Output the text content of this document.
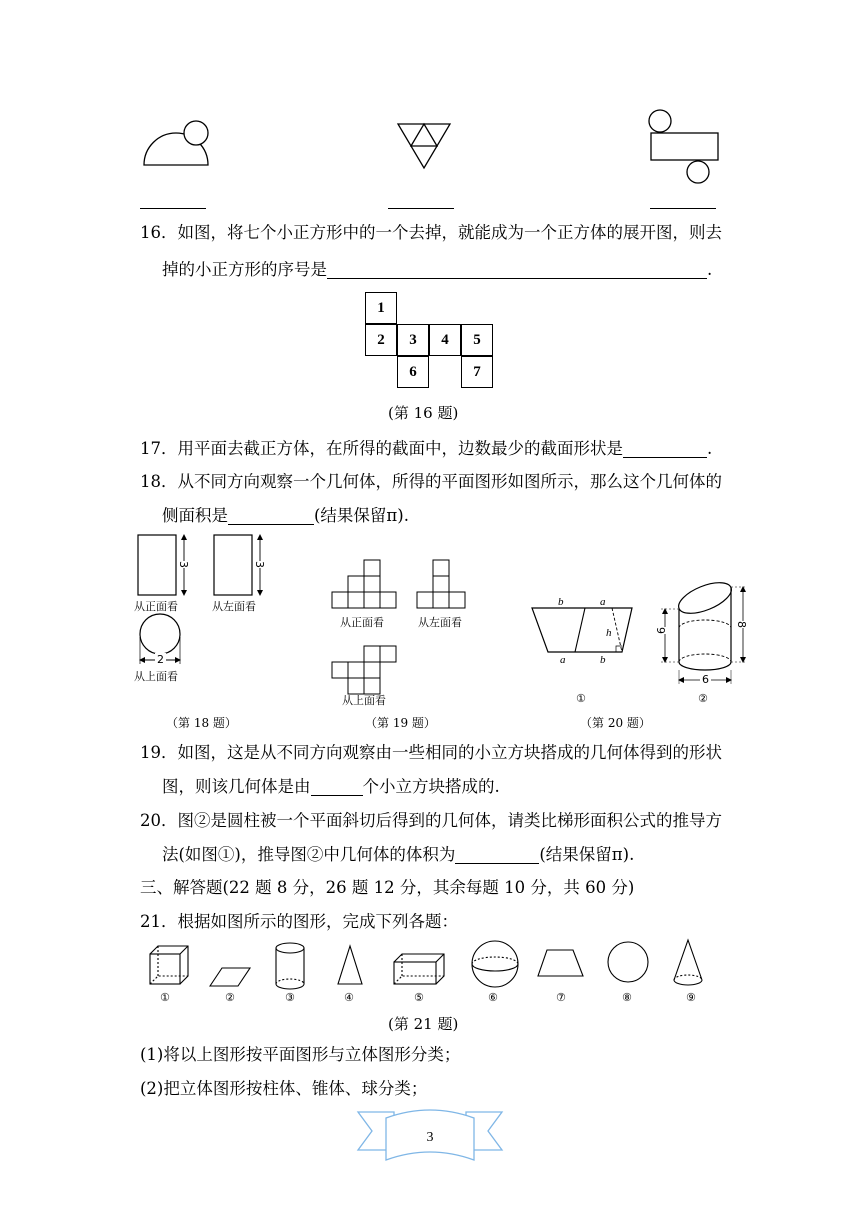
16．如图，将七个小正方形中的一个去掉，就能成为一个正方体的展开图，则去
掉的小正方形的序号是	.
1
2	3	4	5
6	7
(第 16 题)
17．用平面去截正方体，在所得的截面中，边数最少的截面形状是	.
18．从不同方向观察一个几何体，所得的平面图形如图所示，那么这个几何体的
侧面积是	(结果保留π).
3	3
2
从正面看	从左面看
从上面看
（第 18 题）
从正面看	从左面看
从上面看
（第 19 题）
b	a
h
a	b
①
6
8
6
②
（第 20 题）
19．如图，这是从不同方向观察由一些相同的小立方块搭成的几何体得到的形状
图，则该几何体是由	个小立方块搭成的.
20．图②是圆柱被一个平面斜切后得到的几何体，请类比梯形面积公式的推导方
法(如图①)，推导图②中几何体的体积为	(结果保留π).
三、解答题(22 题 8 分，26 题 12 分，其余每题 10 分，共 60 分)
21．根据如图所示的图形，完成下列各题：
①	②	③	④	⑤	⑥	⑦	⑧	⑨
(第 21 题)
(1)将以上图形按平面图形与立体图形分类；
(2)把立体图形按柱体、锥体、球分类；
3
